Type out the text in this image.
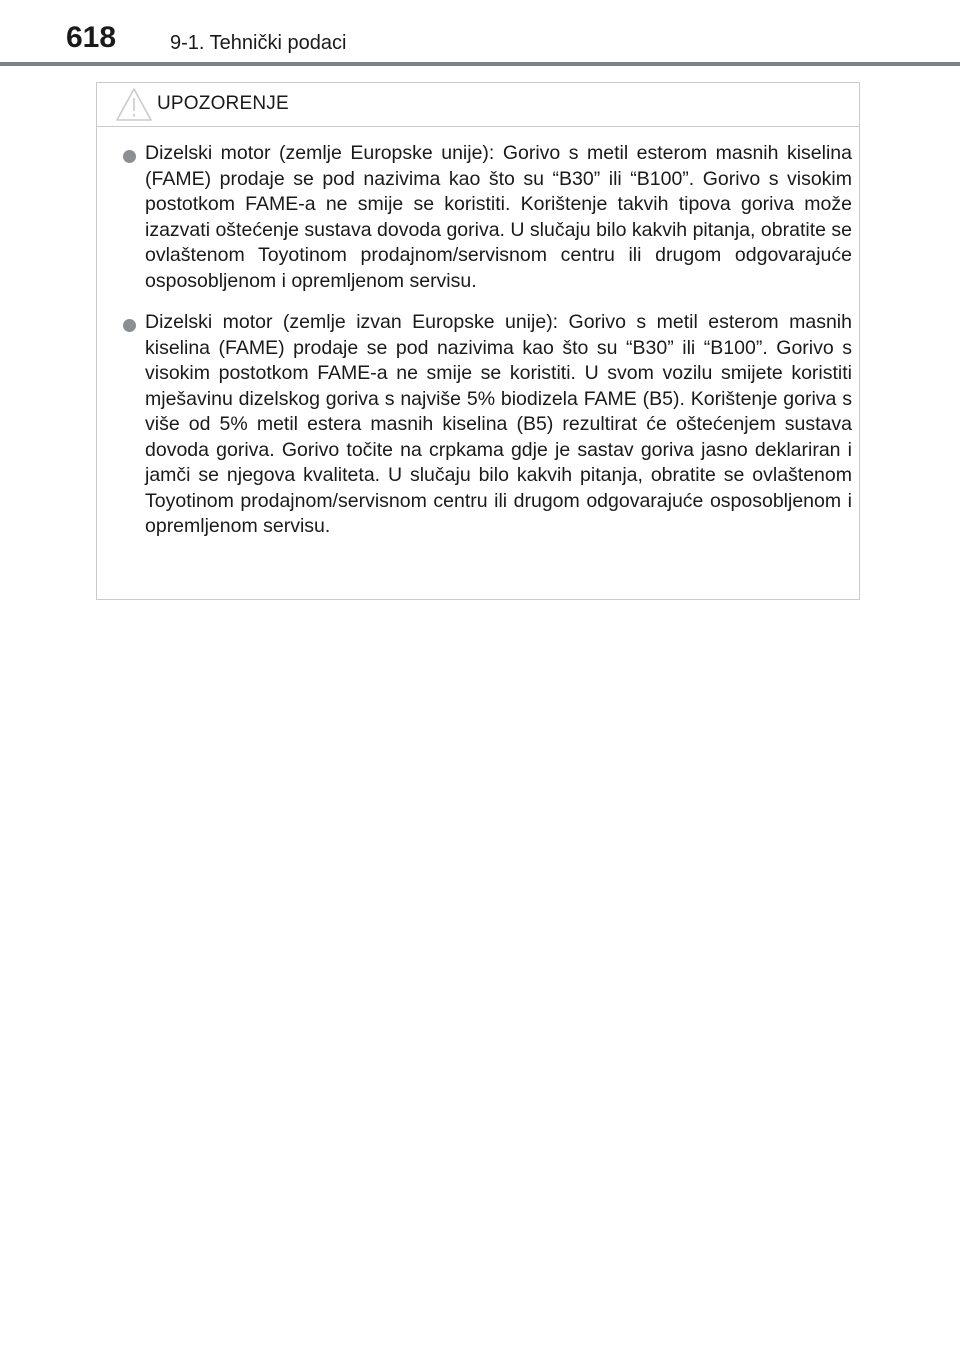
618	9-1. Tehnički podaci
UPOZORENJE
Dizelski motor (zemlje Europske unije): Gorivo s metil esterom masnih kiselina (FAME) prodaje se pod nazivima kao što su “B30” ili “B100”. Gorivo s visokim postotkom FAME-a ne smije se koristiti. Korištenje takvih tipova goriva može izazvati oštećenje sustava dovoda goriva. U slučaju bilo kakvih pitanja, obratite se ovlaštenom Toyotinom prodajnom/servisnom centru ili drugom odgovarajuće osposobljenom i opremljenom servisu.
Dizelski motor (zemlje izvan Europske unije): Gorivo s metil esterom masnih kiselina (FAME) prodaje se pod nazivima kao što su “B30” ili “B100”. Gorivo s visokim postotkom FAME-a ne smije se koristiti. U svom vozilu smijete koristiti mješavinu dizelskog goriva s najviše 5% biodizela FAME (B5). Korištenje goriva s više od 5% metil estera masnih kiselina (B5) rezultirat će oštećenjem sustava dovoda goriva. Gorivo točite na crpkama gdje je sastav goriva jasno deklariran i jamči se njegova kvaliteta. U slučaju bilo kakvih pitanja, obratite se ovlaštenom Toyotinom prodajnom/servisnom centru ili drugom odgovarajuće osposobljenom i opremljenom servisu.
